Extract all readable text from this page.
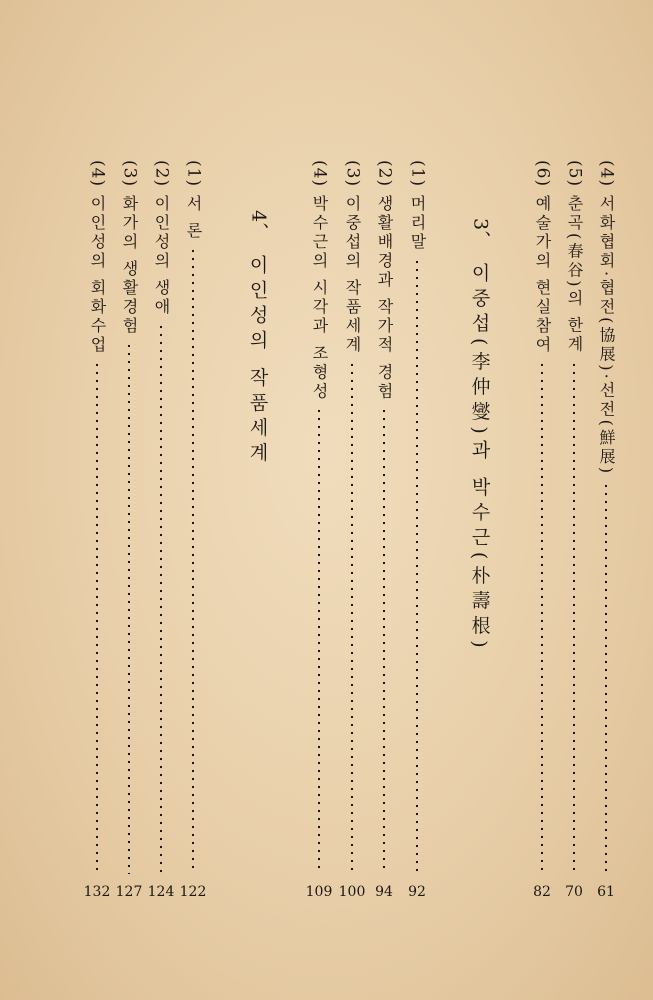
(4)
서화협회·협전(協展)·선전(鮮展)
61
(5)
춘곡(春谷)의 한계
70
(6)
예술가의 현실참여
82
3、
이중섭(李仲燮)과 박수근(朴壽根)
(1)
머리말
92
(2)
생활배경과 작가적 경험
94
(3)
이중섭의 작품세계
100
(4)
박수근의 시각과 조형성
109
4、
이인성의 작품세계
(1)
서 론
122
(2)
이인성의 생애
124
(3)
화가의 생활경험
127
(4)
이인성의 회화수업
132
